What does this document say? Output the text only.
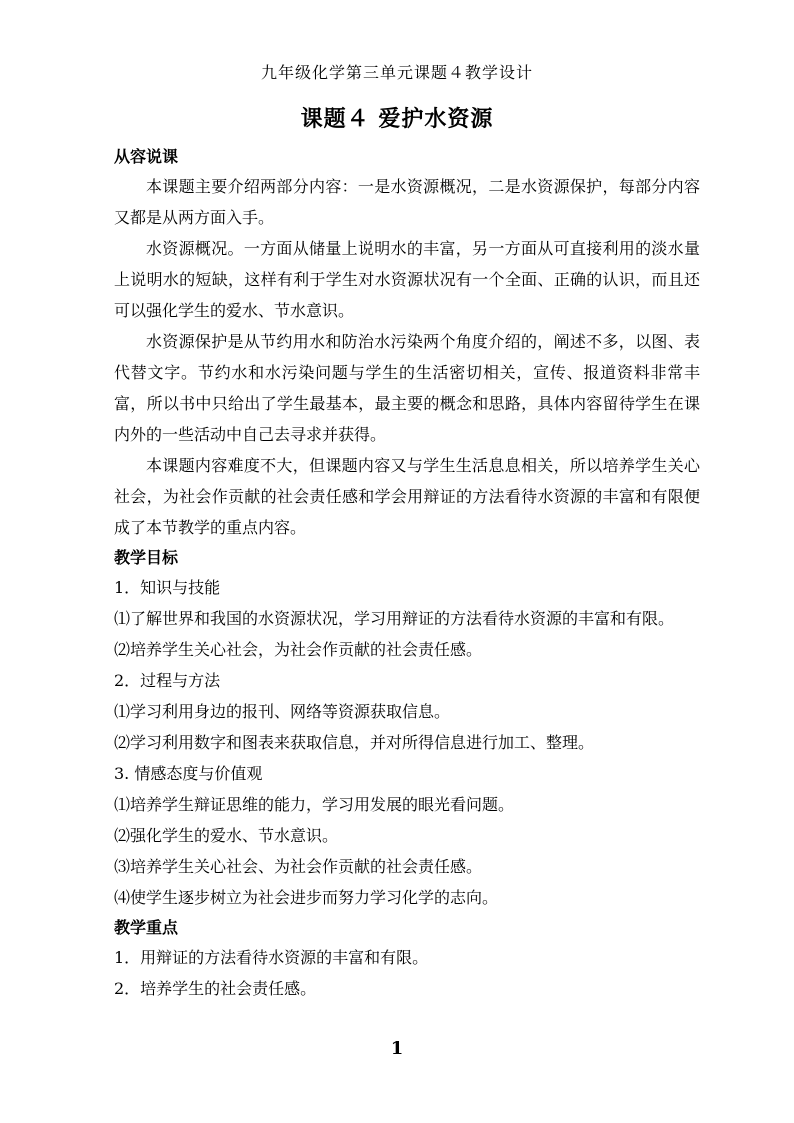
九年级化学第三单元课题４教学设计
课题４ 爱护水资源

从容说课

本课题主要介绍两部分内容：一是水资源概况，二是水资源保护，每部分内容又都是从两方面入手。

水资源概况。一方面从储量上说明水的丰富，另一方面从可直接利用的淡水量上说明水的短缺，这样有利于学生对水资源状况有一个全面、正确的认识，而且还可以强化学生的爱水、节水意识。

水资源保护是从节约用水和防治水污染两个角度介绍的，阐述不多，以图、表代替文字。节约水和水污染问题与学生的生活密切相关，宣传、报道资料非常丰富，所以书中只给出了学生最基本，最主要的概念和思路，具体内容留待学生在课内外的一些活动中自己去寻求并获得。

本课题内容难度不大，但课题内容又与学生生活息息相关，所以培养学生关心社会，为社会作贡献的社会责任感和学会用辩证的方法看待水资源的丰富和有限便成了本节教学的重点内容。

教学目标

1．知识与技能

⑴了解世界和我国的水资源状况，学习用辩证的方法看待水资源的丰富和有限。

⑵培养学生关心社会，为社会作贡献的社会责任感。

2．过程与方法

⑴学习利用身边的报刊、网络等资源获取信息。

⑵学习利用数字和图表来获取信息，并对所得信息进行加工、整理。

3. 情感态度与价值观

⑴培养学生辩证思维的能力，学习用发展的眼光看问题。

⑵强化学生的爱水、节水意识。

⑶培养学生关心社会、为社会作贡献的社会责任感。

⑷使学生逐步树立为社会进步而努力学习化学的志向。

教学重点

1．用辩证的方法看待水资源的丰富和有限。

2．培养学生的社会责任感。

1
